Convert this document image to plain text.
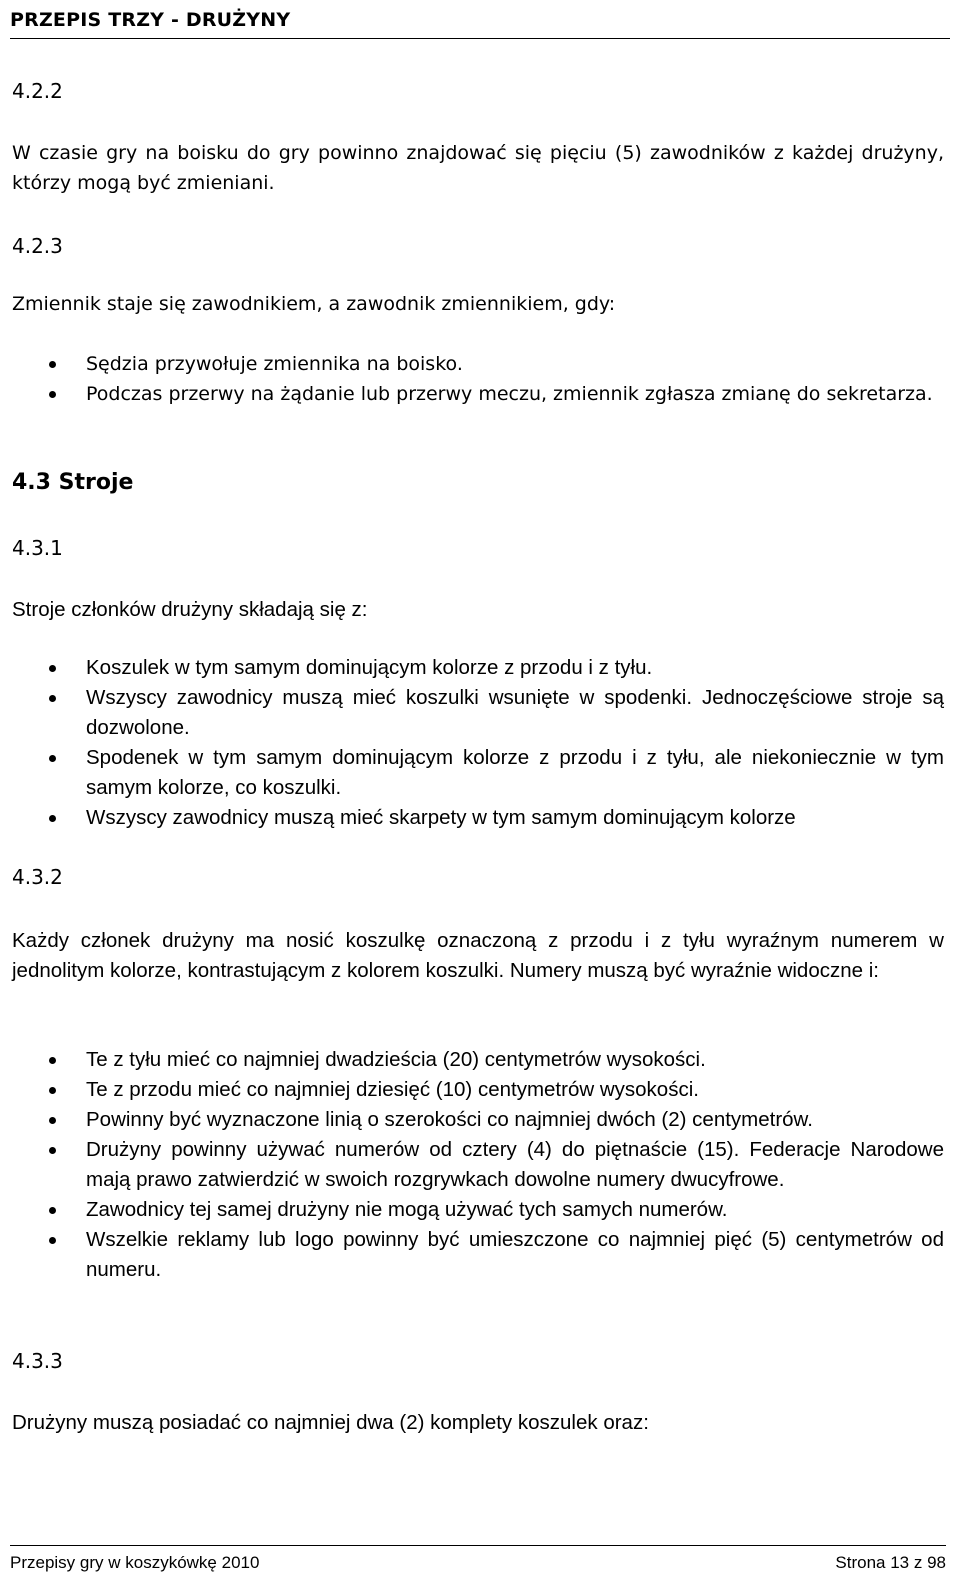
PRZEPIS TRZY - DRUŻYNY
4.2.2
W czasie gry na boisku do gry powinno znajdować się pięciu (5) zawodników z każdej drużyny, którzy mogą być zmieniani.
4.2.3
Zmiennik staje się zawodnikiem, a zawodnik zmiennikiem, gdy:
Sędzia przywołuje zmiennika na boisko.
Podczas przerwy na żądanie lub przerwy meczu, zmiennik zgłasza zmianę do sekretarza.
4.3 Stroje
4.3.1
Stroje członków drużyny składają się z:
Koszulek w tym samym dominującym kolorze z przodu i z tyłu.
Wszyscy zawodnicy muszą mieć koszulki wsunięte w spodenki. Jednoczęściowe stroje są dozwolone.
Spodenek w tym samym dominującym kolorze z przodu i z tyłu, ale niekoniecznie w tym samym kolorze, co koszulki.
Wszyscy zawodnicy muszą mieć skarpety w tym samym dominującym kolorze
4.3.2
Każdy członek drużyny ma nosić koszulkę oznaczoną z przodu i z tyłu wyraźnym numerem w jednolitym kolorze, kontrastującym z kolorem koszulki. Numery muszą być wyraźnie widoczne i:
Te z tyłu mieć co najmniej dwadzieścia (20) centymetrów wysokości.
Te z przodu mieć co najmniej dziesięć (10) centymetrów wysokości.
Powinny być wyznaczone linią o szerokości co najmniej dwóch (2) centymetrów.
Drużyny powinny używać numerów od cztery (4) do piętnaście (15). Federacje Narodowe mają prawo zatwierdzić w swoich rozgrywkach dowolne numery dwucyfrowe.
Zawodnicy tej samej drużyny nie mogą używać tych samych numerów.
Wszelkie reklamy lub logo powinny być umieszczone co najmniej pięć (5) centymetrów od numeru.
4.3.3
Drużyny muszą posiadać co najmniej dwa (2) komplety koszulek oraz:
Przepisy gry w koszykówkę 2010	Strona 13 z 98
